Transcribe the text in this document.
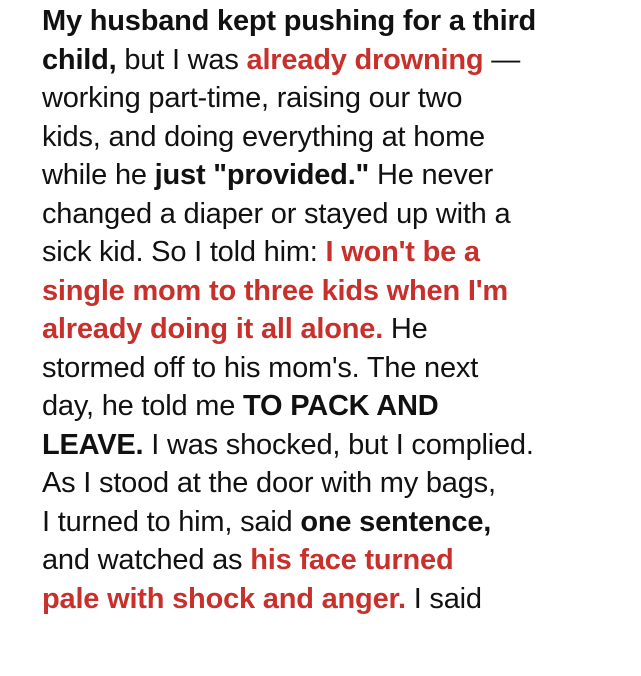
My husband kept pushing for a third
child, but I was already drowning —
working part-time, raising our two
kids, and doing everything at home
while he just "provided." He never
changed a diaper or stayed up with a
sick kid. So I told him: I won't be a
single mom to three kids when I'm
already doing it all alone. He
stormed off to his mom's. The next
day, he told me TO PACK AND
LEAVE. I was shocked, but I complied.
As I stood at the door with my bags,
I turned to him, said one sentence,
and watched as his face turned
pale with shock and anger. I said
